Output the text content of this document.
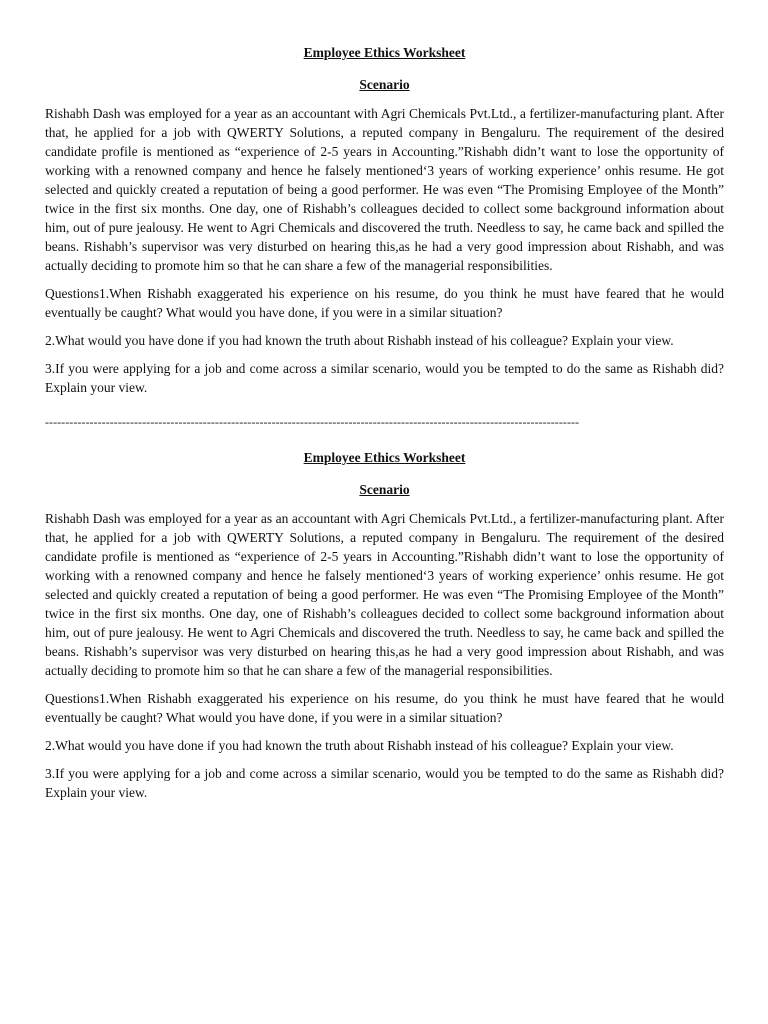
Employee Ethics Worksheet

Scenario

Rishabh Dash was employed for a year as an accountant with Agri Chemicals Pvt.Ltd., a fertilizer-manufacturing plant. After that, he applied for a job with QWERTY Solutions, a reputed company in Bengaluru. The requirement of the desired candidate profile is mentioned as “experience of 2-5 years in Accounting.”Rishabh didn’t want to lose the opportunity of working with a renowned company and hence he falsely mentioned‘3 years of working experience’ onhis resume. He got selected and quickly created a reputation of being a good performer. He was even “The Promising Employee of the Month” twice in the first six months. One day, one of Rishabh’s colleagues decided to collect some background information about him, out of pure jealousy. He went to Agri Chemicals and discovered the truth. Needless to say, he came back and spilled the beans. Rishabh’s supervisor was very disturbed on hearing this,as he had a very good impression about Rishabh, and was actually deciding to promote him so that he can share a few of the managerial responsibilities.

Questions1.When Rishabh exaggerated his experience on his resume, do you think he must have feared that he would eventually be caught? What would you have done, if you were in a similar situation?

2.What would you have done if you had known the truth about Rishabh instead of his colleague? Explain your view.

3.If you were applying for a job and come across a similar scenario, would you be tempted to do the same as Rishabh did? Explain your view.

------------------------------------------------------------------------------------------------------------------------------------

Employee Ethics Worksheet

Scenario

Rishabh Dash was employed for a year as an accountant with Agri Chemicals Pvt.Ltd., a fertilizer-manufacturing plant. After that, he applied for a job with QWERTY Solutions, a reputed company in Bengaluru. The requirement of the desired candidate profile is mentioned as “experience of 2-5 years in Accounting.”Rishabh didn’t want to lose the opportunity of working with a renowned company and hence he falsely mentioned‘3 years of working experience’ onhis resume. He got selected and quickly created a reputation of being a good performer. He was even “The Promising Employee of the Month” twice in the first six months. One day, one of Rishabh’s colleagues decided to collect some background information about him, out of pure jealousy. He went to Agri Chemicals and discovered the truth. Needless to say, he came back and spilled the beans. Rishabh’s supervisor was very disturbed on hearing this,as he had a very good impression about Rishabh, and was actually deciding to promote him so that he can share a few of the managerial responsibilities.

Questions1.When Rishabh exaggerated his experience on his resume, do you think he must have feared that he would eventually be caught? What would you have done, if you were in a similar situation?

2.What would you have done if you had known the truth about Rishabh instead of his colleague? Explain your view.

3.If you were applying for a job and come across a similar scenario, would you be tempted to do the same as Rishabh did? Explain your view.
